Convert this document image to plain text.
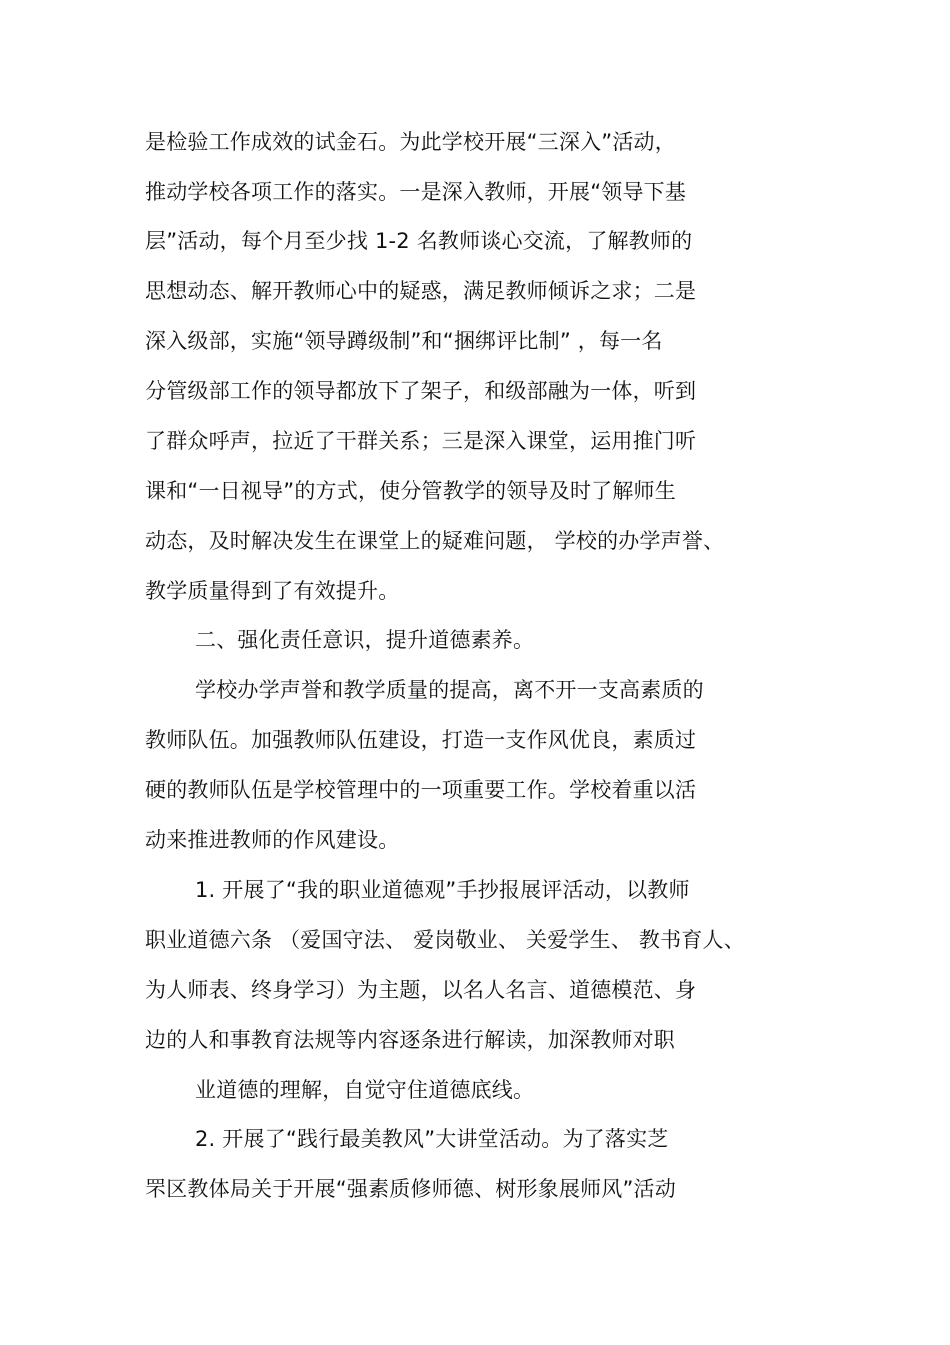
是检验工作成效的试金石。为此学校开展“三深入”活动，
推动学校各项工作的落实。一是深入教师，开展“领导下基
层”活动，每个月至少找 1-2 名教师谈心交流，了解教师的
思想动态、解开教师心中的疑惑，满足教师倾诉之求；二是
深入级部，实施“领导蹲级制”和“捆绑评比制” ，每一名
分管级部工作的领导都放下了架子，和级部融为一体，听到
了群众呼声，拉近了干群关系；三是深入课堂，运用推门听
课和“一日视导”的方式，使分管教学的领导及时了解师生
动态，及时解决发生在课堂上的疑难问题， 学校的办学声誉、
教学质量得到了有效提升。
二、强化责任意识，提升道德素养。
学校办学声誉和教学质量的提高，离不开一支高素质的
教师队伍。加强教师队伍建设，打造一支作风优良，素质过
硬的教师队伍是学校管理中的一项重要工作。学校着重以活
动来推进教师的作风建设。
1. 开展了“我的职业道德观”手抄报展评活动，以教师
职业道德六条 （爱国守法、 爱岗敬业、 关爱学生、 教书育人、
为人师表、终身学习）为主题，以名人名言、道德模范、身
边的人和事教育法规等内容逐条进行解读，加深教师对职
业道德的理解，自觉守住道德底线。
2. 开展了“践行最美教风”大讲堂活动。为了落实芝
罘区教体局关于开展“强素质修师德、树形象展师风”活动
